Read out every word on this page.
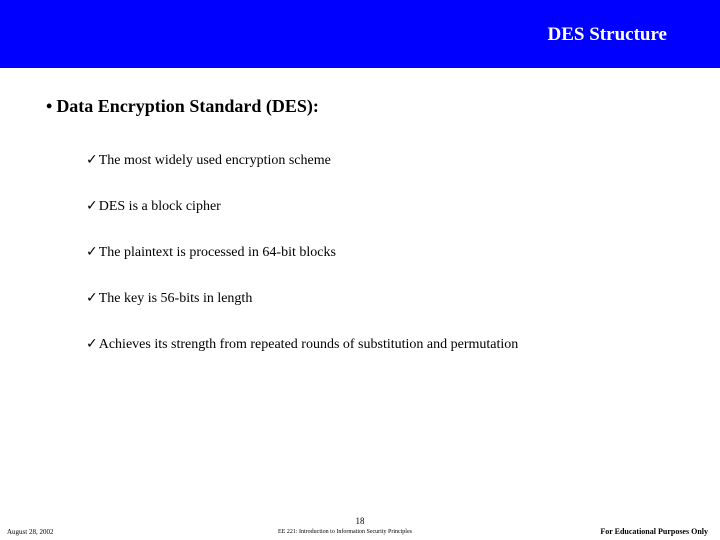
DES Structure
• Data Encryption Standard (DES):
✓The most widely used encryption scheme
✓DES is a block cipher
✓The plaintext is processed in 64-bit blocks
✓The key is 56-bits in length
✓Achieves its strength from repeated rounds of substitution and permutation
August 28, 2002
18
EE 221: Introduction to Information Security Principles	For Educational Purposes Only
